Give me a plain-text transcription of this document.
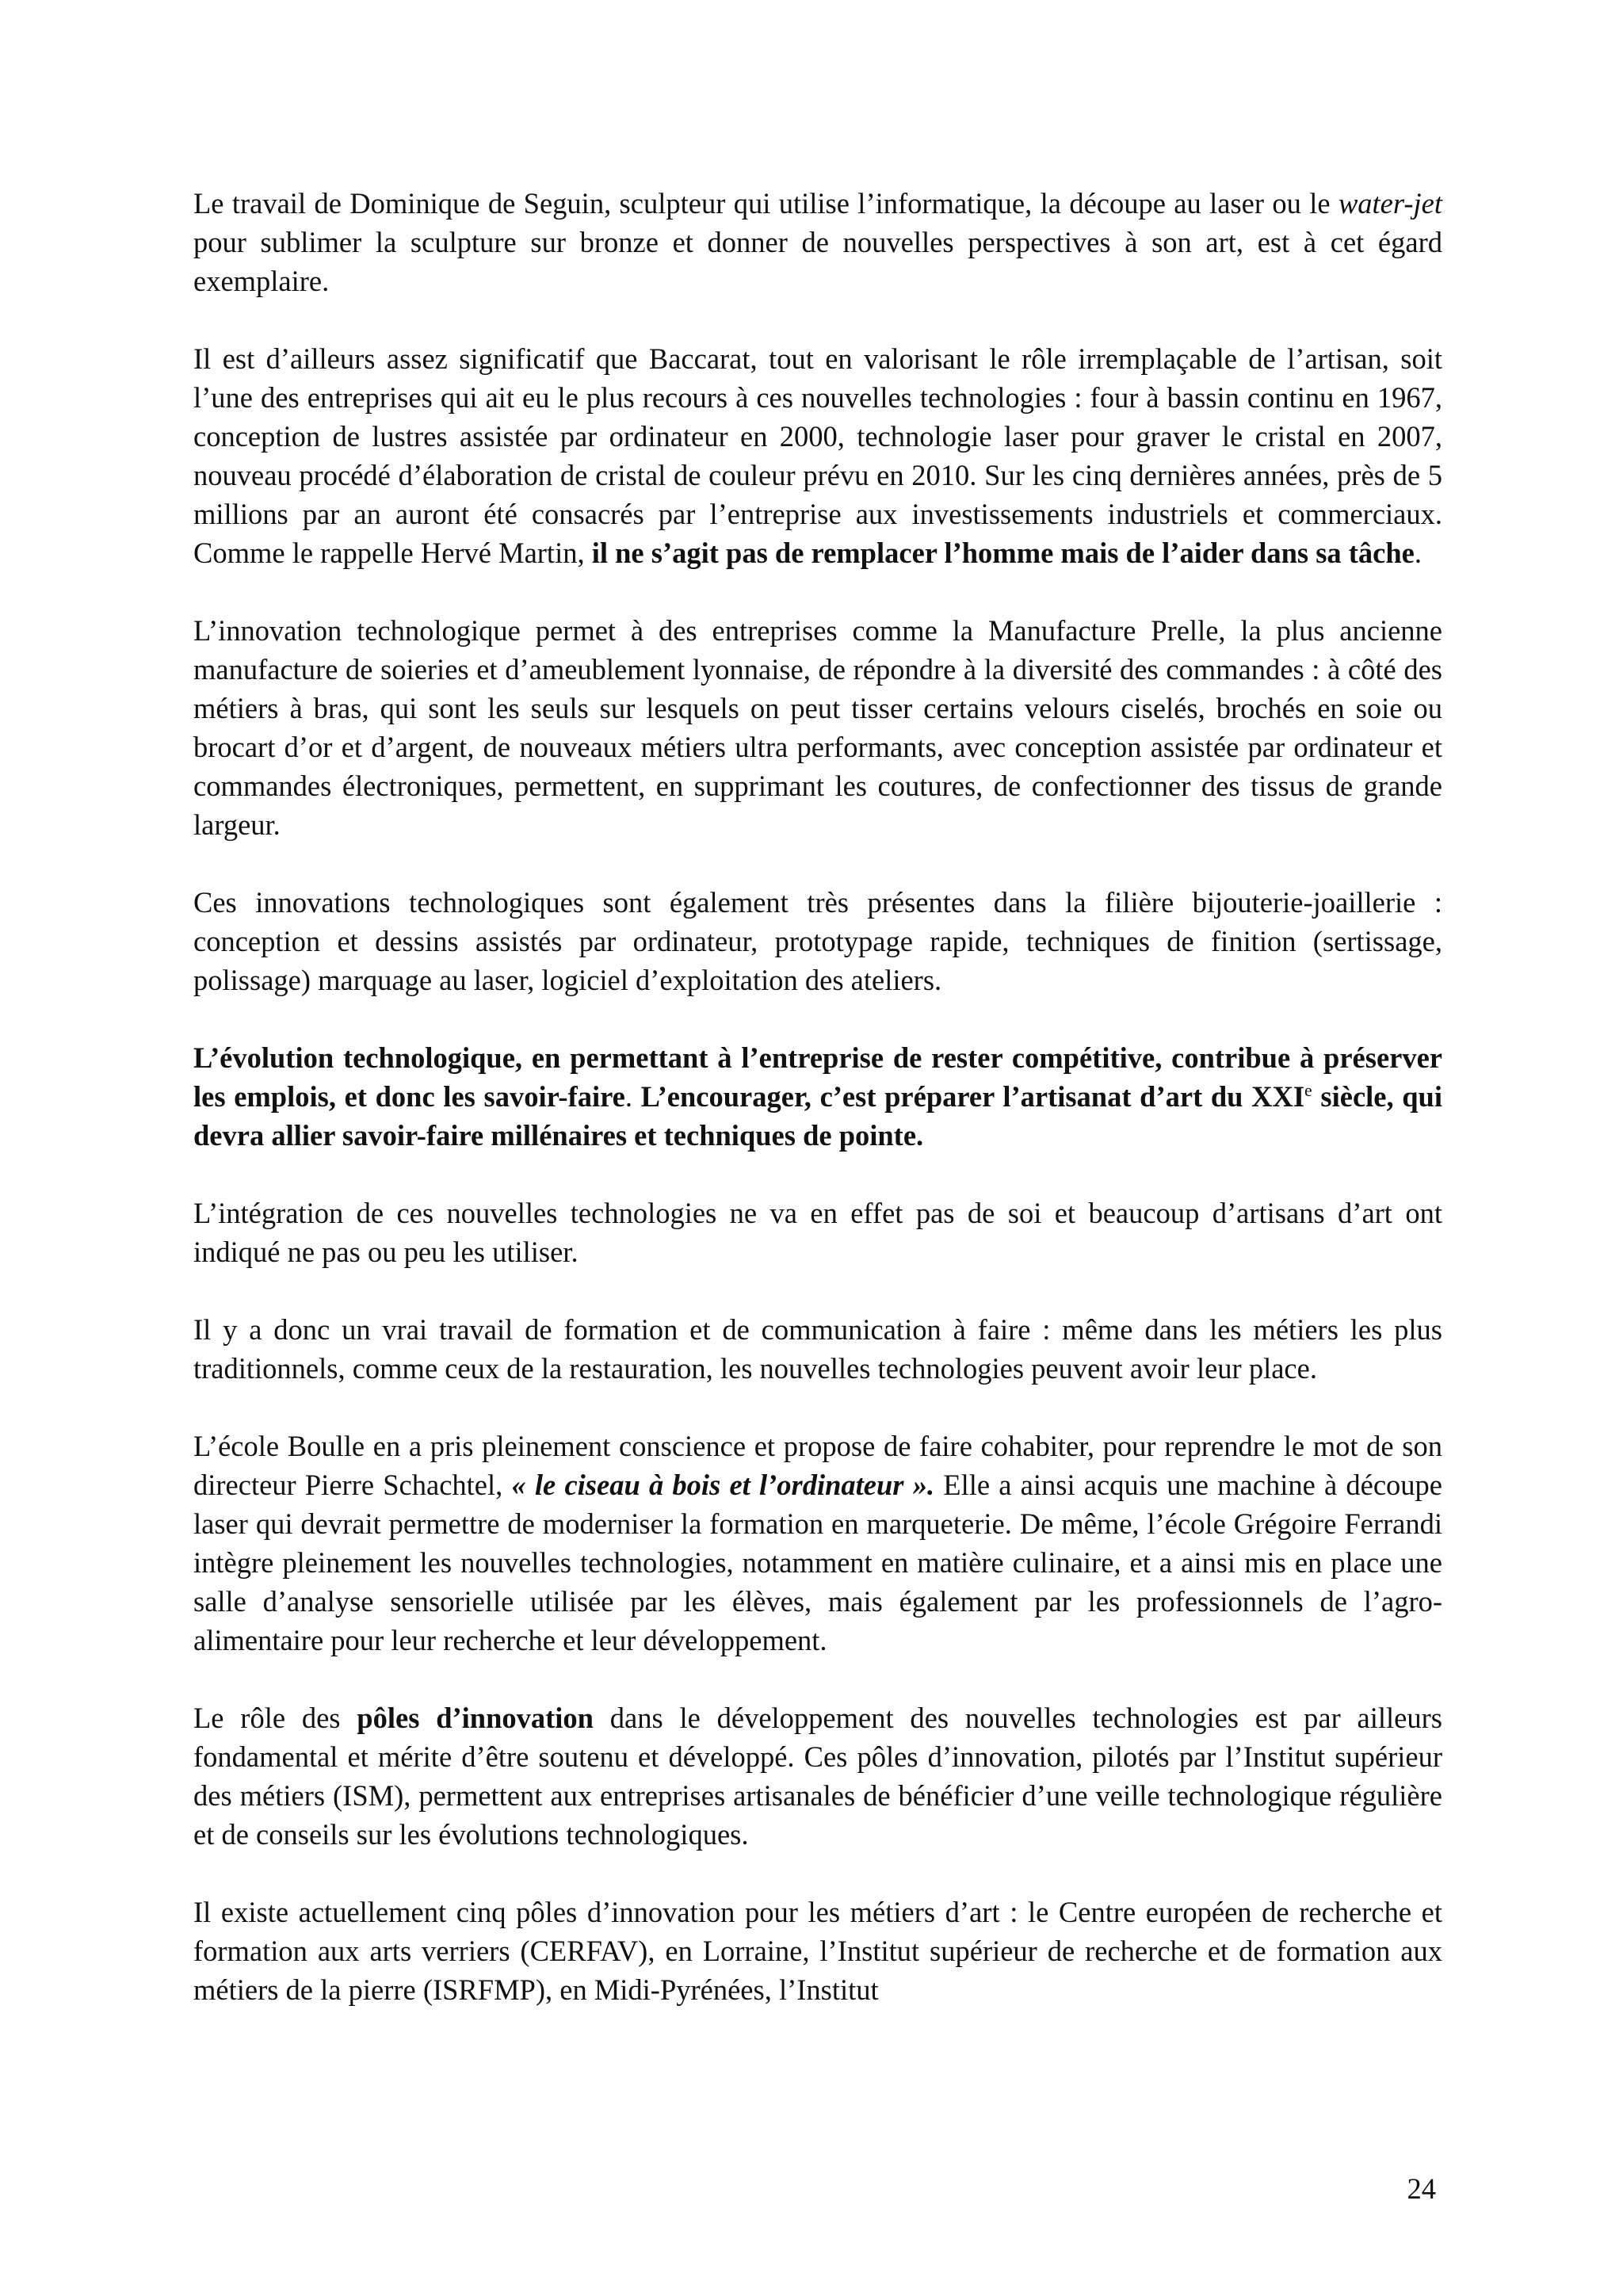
Le travail de Dominique de Seguin, sculpteur qui utilise l’informatique, la découpe au laser ou le water-jet pour sublimer la sculpture sur bronze et donner de nouvelles perspectives à son art, est à cet égard exemplaire.

Il est d’ailleurs assez significatif que Baccarat, tout en valorisant le rôle irremplaçable de l’artisan, soit l’une des entreprises qui ait eu le plus recours à ces nouvelles technologies : four à bassin continu en 1967, conception de lustres assistée par ordinateur en 2000, technologie laser pour graver le cristal en 2007, nouveau procédé d’élaboration de cristal de couleur prévu en 2010. Sur les cinq dernières années, près de 5 millions par an auront été consacrés par l’entreprise aux investissements industriels et commerciaux. Comme le rappelle Hervé Martin, il ne s’agit pas de remplacer l’homme mais de l’aider dans sa tâche.

L’innovation technologique permet à des entreprises comme la Manufacture Prelle, la plus ancienne manufacture de soieries et d’ameublement lyonnaise, de répondre à la diversité des commandes : à côté des métiers à bras, qui sont les seuls sur lesquels on peut tisser certains velours ciselés, brochés en soie ou brocart d’or et d’argent, de nouveaux métiers ultra performants, avec conception assistée par ordinateur et commandes électroniques, permettent, en supprimant les coutures, de confectionner des tissus de grande largeur.

Ces innovations technologiques sont également très présentes dans la filière bijouterie-joaillerie : conception et dessins assistés par ordinateur, prototypage rapide, techniques de finition (sertissage, polissage) marquage au laser, logiciel d’exploitation des ateliers.

L’évolution technologique, en permettant à l’entreprise de rester compétitive, contribue à préserver les emplois, et donc les savoir-faire. L’encourager, c’est préparer l’artisanat d’art du XXIe siècle, qui devra allier savoir-faire millénaires et techniques de pointe.

L’intégration de ces nouvelles technologies ne va en effet pas de soi et beaucoup d’artisans d’art ont indiqué ne pas ou peu les utiliser.

Il y a donc un vrai travail de formation et de communication à faire : même dans les métiers les plus traditionnels, comme ceux de la restauration, les nouvelles technologies peuvent avoir leur place.

L’école Boulle en a pris pleinement conscience et propose de faire cohabiter, pour reprendre le mot de son directeur Pierre Schachtel, « le ciseau à bois et l’ordinateur ». Elle a ainsi acquis une machine à découpe laser qui devrait permettre de moderniser la formation en marqueterie. De même, l’école Grégoire Ferrandi intègre pleinement les nouvelles technologies, notamment en matière culinaire, et a ainsi mis en place une salle d’analyse sensorielle utilisée par les élèves, mais également par les professionnels de l’agro-alimentaire pour leur recherche et leur développement.

Le rôle des pôles d’innovation dans le développement des nouvelles technologies est par ailleurs fondamental et mérite d’être soutenu et développé. Ces pôles d’innovation, pilotés par l’Institut supérieur des métiers (ISM), permettent aux entreprises artisanales de bénéficier d’une veille technologique régulière et de conseils sur les évolutions technologiques.

Il existe actuellement cinq pôles d’innovation pour les métiers d’art : le Centre européen de recherche et formation aux arts verriers (CERFAV), en Lorraine, l’Institut supérieur de recherche et de formation aux métiers de la pierre (ISRFMP), en Midi-Pyrénées, l’Institut

24
